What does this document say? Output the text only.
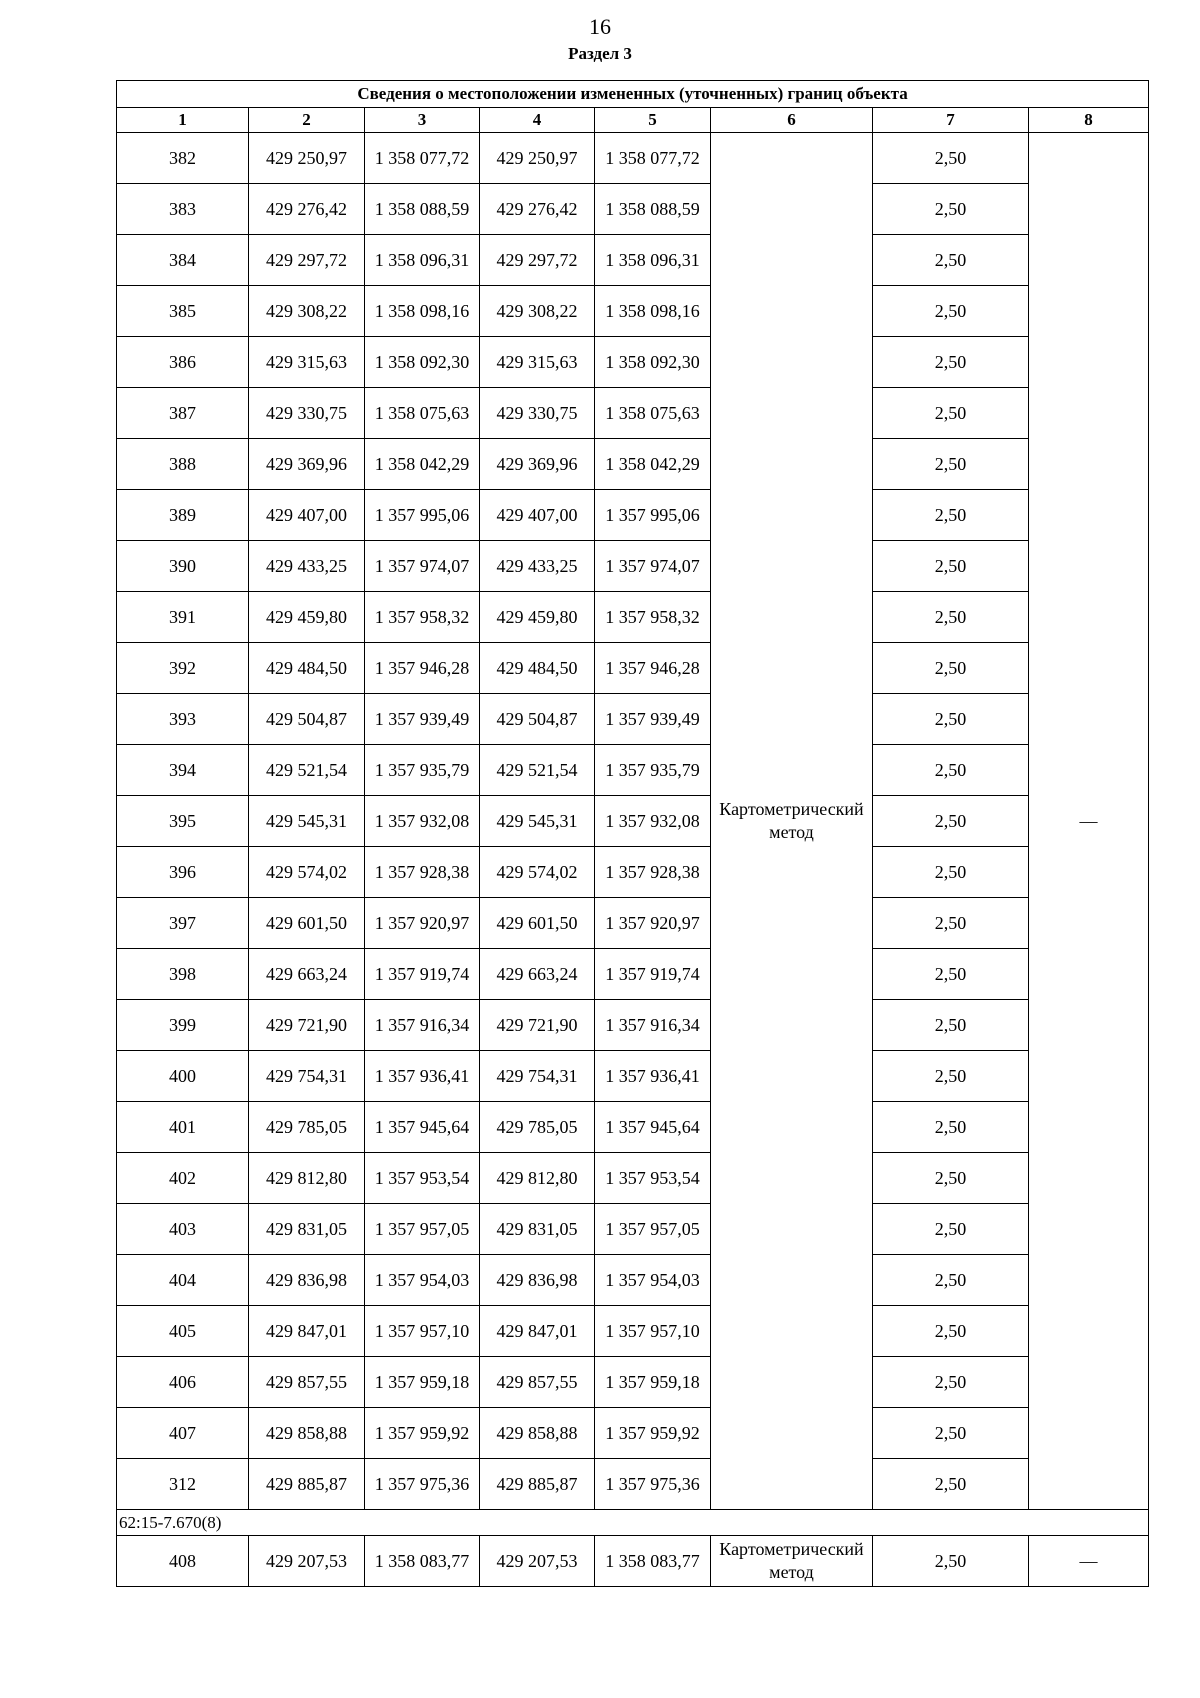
16
Раздел 3
Сведения о местоположении измененных (уточненных) границ объекта							
1	2	3	4	5	6	7	8
382	429 250,97	1 358 077,72	429 250,97	1 358 077,72	Картометрический метод	2,50	—
383	429 276,42	1 358 088,59	429 276,42	1 358 088,59		2,50	
384	429 297,72	1 358 096,31	429 297,72	1 358 096,31		2,50	
385	429 308,22	1 358 098,16	429 308,22	1 358 098,16		2,50	
386	429 315,63	1 358 092,30	429 315,63	1 358 092,30		2,50	
387	429 330,75	1 358 075,63	429 330,75	1 358 075,63		2,50	
388	429 369,96	1 358 042,29	429 369,96	1 358 042,29		2,50	
389	429 407,00	1 357 995,06	429 407,00	1 357 995,06		2,50	
390	429 433,25	1 357 974,07	429 433,25	1 357 974,07		2,50	
391	429 459,80	1 357 958,32	429 459,80	1 357 958,32		2,50	
392	429 484,50	1 357 946,28	429 484,50	1 357 946,28		2,50	
393	429 504,87	1 357 939,49	429 504,87	1 357 939,49		2,50	
394	429 521,54	1 357 935,79	429 521,54	1 357 935,79		2,50	
395	429 545,31	1 357 932,08	429 545,31	1 357 932,08		2,50	
396	429 574,02	1 357 928,38	429 574,02	1 357 928,38		2,50	
397	429 601,50	1 357 920,97	429 601,50	1 357 920,97		2,50	
398	429 663,24	1 357 919,74	429 663,24	1 357 919,74		2,50	
399	429 721,90	1 357 916,34	429 721,90	1 357 916,34		2,50	
400	429 754,31	1 357 936,41	429 754,31	1 357 936,41		2,50	
401	429 785,05	1 357 945,64	429 785,05	1 357 945,64		2,50	
402	429 812,80	1 357 953,54	429 812,80	1 357 953,54		2,50	
403	429 831,05	1 357 957,05	429 831,05	1 357 957,05		2,50	
404	429 836,98	1 357 954,03	429 836,98	1 357 954,03		2,50	
405	429 847,01	1 357 957,10	429 847,01	1 357 957,10		2,50	
406	429 857,55	1 357 959,18	429 857,55	1 357 959,18		2,50	
407	429 858,88	1 357 959,92	429 858,88	1 357 959,92		2,50	
312	429 885,87	1 357 975,36	429 885,87	1 357 975,36		2,50	
62:15-7.670(8)							
408	429 207,53	1 358 083,77	429 207,53	1 358 083,77	Картометрический метод	2,50	—
